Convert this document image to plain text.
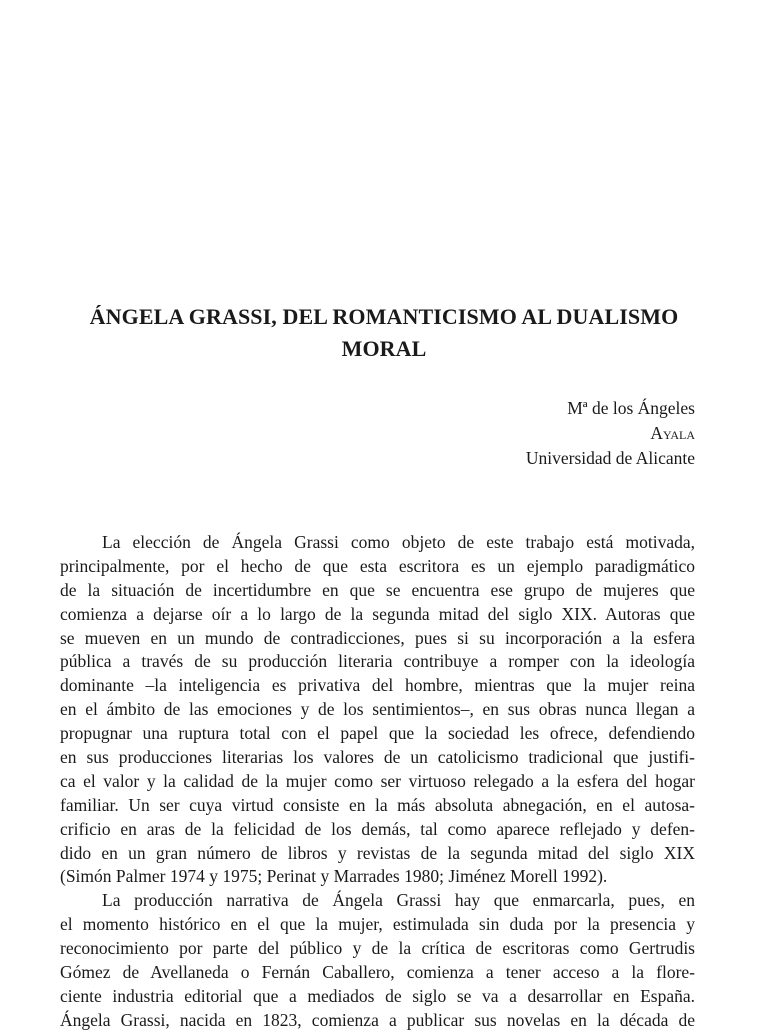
ÁNGELA GRASSI, DEL ROMANTICISMO AL DUALISMO
MORAL
Mª de los Ángeles
Ayala
Universidad de Alicante
La elección de Ángela Grassi como objeto de este trabajo está motivada,
principalmente, por el hecho de que esta escritora es un ejemplo paradigmático
de la situación de incertidumbre en que se encuentra ese grupo de mujeres que
comienza a dejarse oír a lo largo de la segunda mitad del siglo XIX. Autoras que
se mueven en un mundo de contradicciones, pues si su incorporación a la esfera
pública a través de su producción literaria contribuye a romper con la ideología
dominante –la inteligencia es privativa del hombre, mientras que la mujer reina
en el ámbito de las emociones y de los sentimientos–, en sus obras nunca llegan a
propugnar una ruptura total con el papel que la sociedad les ofrece, defendiendo
en sus producciones literarias los valores de un catolicismo tradicional que justifi-
ca el valor y la calidad de la mujer como ser virtuoso relegado a la esfera del hogar
familiar. Un ser cuya virtud consiste en la más absoluta abnegación, en el autosa-
crificio en aras de la felicidad de los demás, tal como aparece reflejado y defen-
dido en un gran número de libros y revistas de la segunda mitad del siglo XIX
(Simón Palmer 1974 y 1975; Perinat y Marrades 1980; Jiménez Morell 1992).
La producción narrativa de Ángela Grassi hay que enmarcarla, pues, en
el momento histórico en el que la mujer, estimulada sin duda por la presencia y
reconocimiento por parte del público y de la crítica de escritoras como Gertrudis
Gómez de Avellaneda o Fernán Caballero, comienza a tener acceso a la flore-
ciente industria editorial que a mediados de siglo se va a desarrollar en España.
Ángela Grassi, nacida en 1823, comienza a publicar sus novelas en la década de
